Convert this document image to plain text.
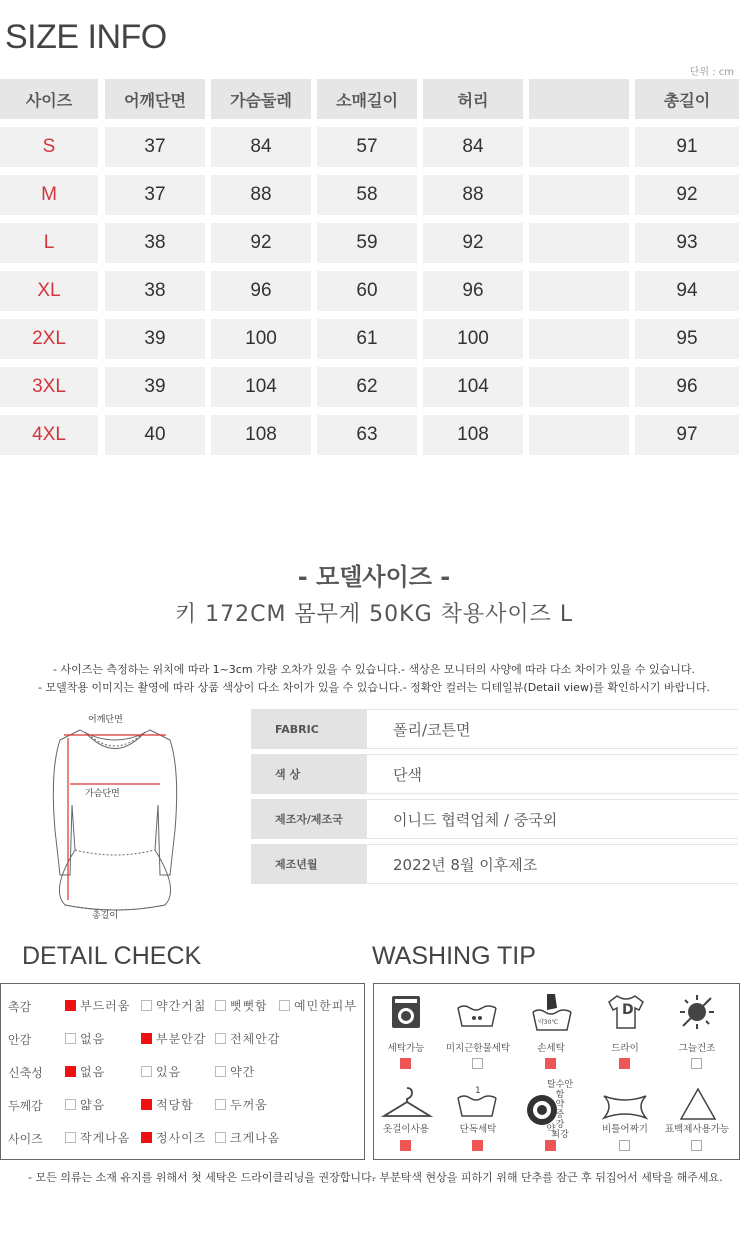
SIZE INFO
단위 : cm
사이즈	어깨단면	가슴둘레	소매길이	허리	총길이
S	37	84	57	84	91
M	37	88	58	88	92
L	38	92	59	92	93
XL	38	96	60	96	94
2XL	39	100	61	100	95
3XL	39	104	62	104	96
4XL	40	108	63	108	97
- 모델사이즈 -
키 172CM 몸무게 50KG 착용사이즈 L
- 사이즈는 측정하는 위치에 따라 1~3cm 가량 오차가 있을 수 있습니다.- 색상은 모니터의 사양에 따라 다소 차이가 있을 수 있습니다.
- 모델착용 이미지는 촬영에 따라 상품 색상이 다소 차이가 있을 수 있습니다.- 정확안 컬러는 디테일뷰(Detail view)를 확인하시기 바랍니다.
어깨단면
가슴단면
총길이
FABRIC	폴리/코튼면
색 상	단색
제조자/제조국	이니드 협력업체 / 중국외
제조년월	2022년 8월 이후제조
DETAIL CHECK
촉감	부드러움 약간거칢 뻣뻣함 예민한피부
안감	없음	부분안감 전체안감
신축성	없음	있음	약간
두께감	얇음	적당함	두꺼움
사이즈	작게나옴 정사이즈 크게나옴
WASHING TIP
약30℃
D
1
탈수안함
약
중
강
최강
세탁가능	미지근한물세탁	손세탁	드라이	그늘건조
옷걸이사용	단독세탁	약	비틀어짜기	표백제사용가능
- 모든 의류는 소재 유지를 위해서 첫 세탁은 드라이클리닝을 권장합니다.
- 부분탁색 현상을 피하기 위해 단추를 잠근 후 뒤집어서 세탁을 해주세요.
